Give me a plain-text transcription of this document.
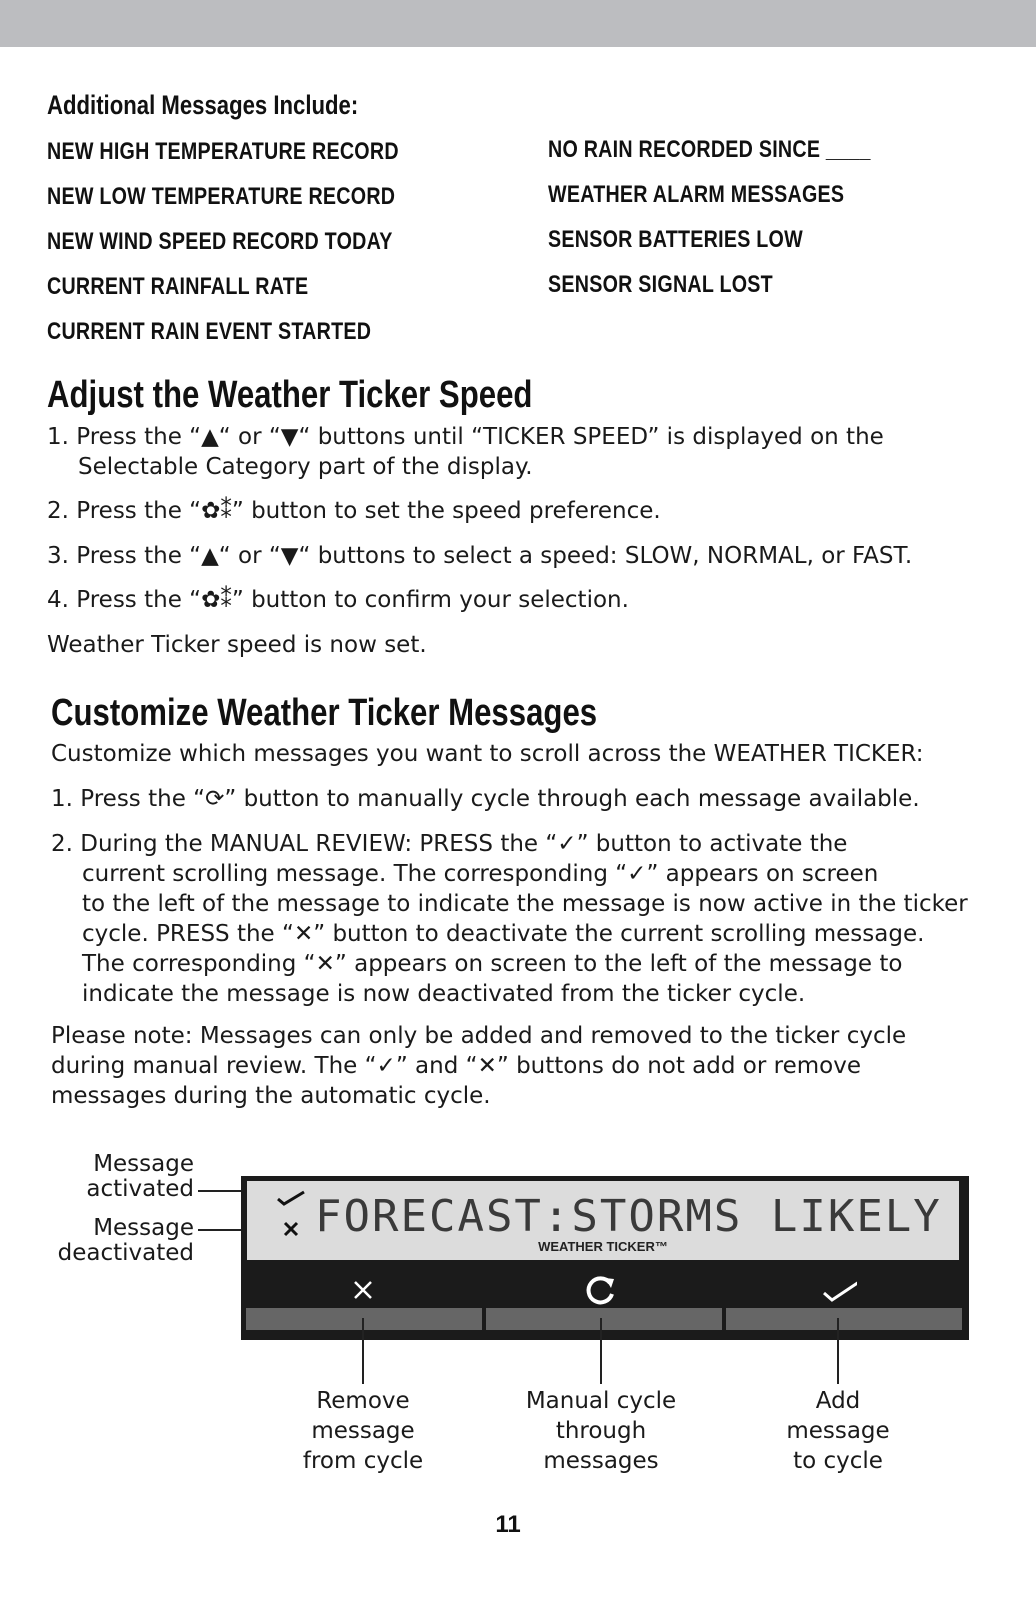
Additional Messages Include:
NEW HIGH TEMPERATURE RECORD
NEW LOW TEMPERATURE RECORD
NEW WIND SPEED RECORD TODAY
CURRENT RAINFALL RATE
CURRENT RAIN EVENT STARTED
NO RAIN RECORDED SINCE ____
WEATHER ALARM MESSAGES
SENSOR BATTERIES LOW
SENSOR SIGNAL LOST
Adjust the Weather Ticker Speed
1. Press the “▲“ or “▼“ buttons until “TICKER SPEED” is displayed on the
Selectable Category part of the display.
2. Press the “✿⁑” button to set the speed preference.
3. Press the “▲“ or “▼“ buttons to select a speed: SLOW, NORMAL, or FAST.
4. Press the “✿⁑” button to confirm your selection.
Weather Ticker speed is now set.
Customize Weather Ticker Messages
Customize which messages you want to scroll across the WEATHER TICKER:
1. Press the “⟳” button to manually cycle through each message available.
2. During the MANUAL REVIEW: PRESS the “✓” button to activate the
current scrolling message. The corresponding “✓” appears on screen
to the left of the message to indicate the message is now active in the ticker
cycle. PRESS the “✕” button to deactivate the current scrolling message.
The corresponding “✕” appears on screen to the left of the message to
indicate the message is now deactivated from the ticker cycle.
Please note: Messages can only be added and removed to the ticker cycle
during manual review. The “✓” and “✕” buttons do not add or remove
messages during the automatic cycle.
Message
activated
Message
deactivated
FORECAST:STORMS LIKELY
WEATHER TICKER™
Remove
message
from cycle
Manual cycle
through
messages
Add
message
to cycle
11
